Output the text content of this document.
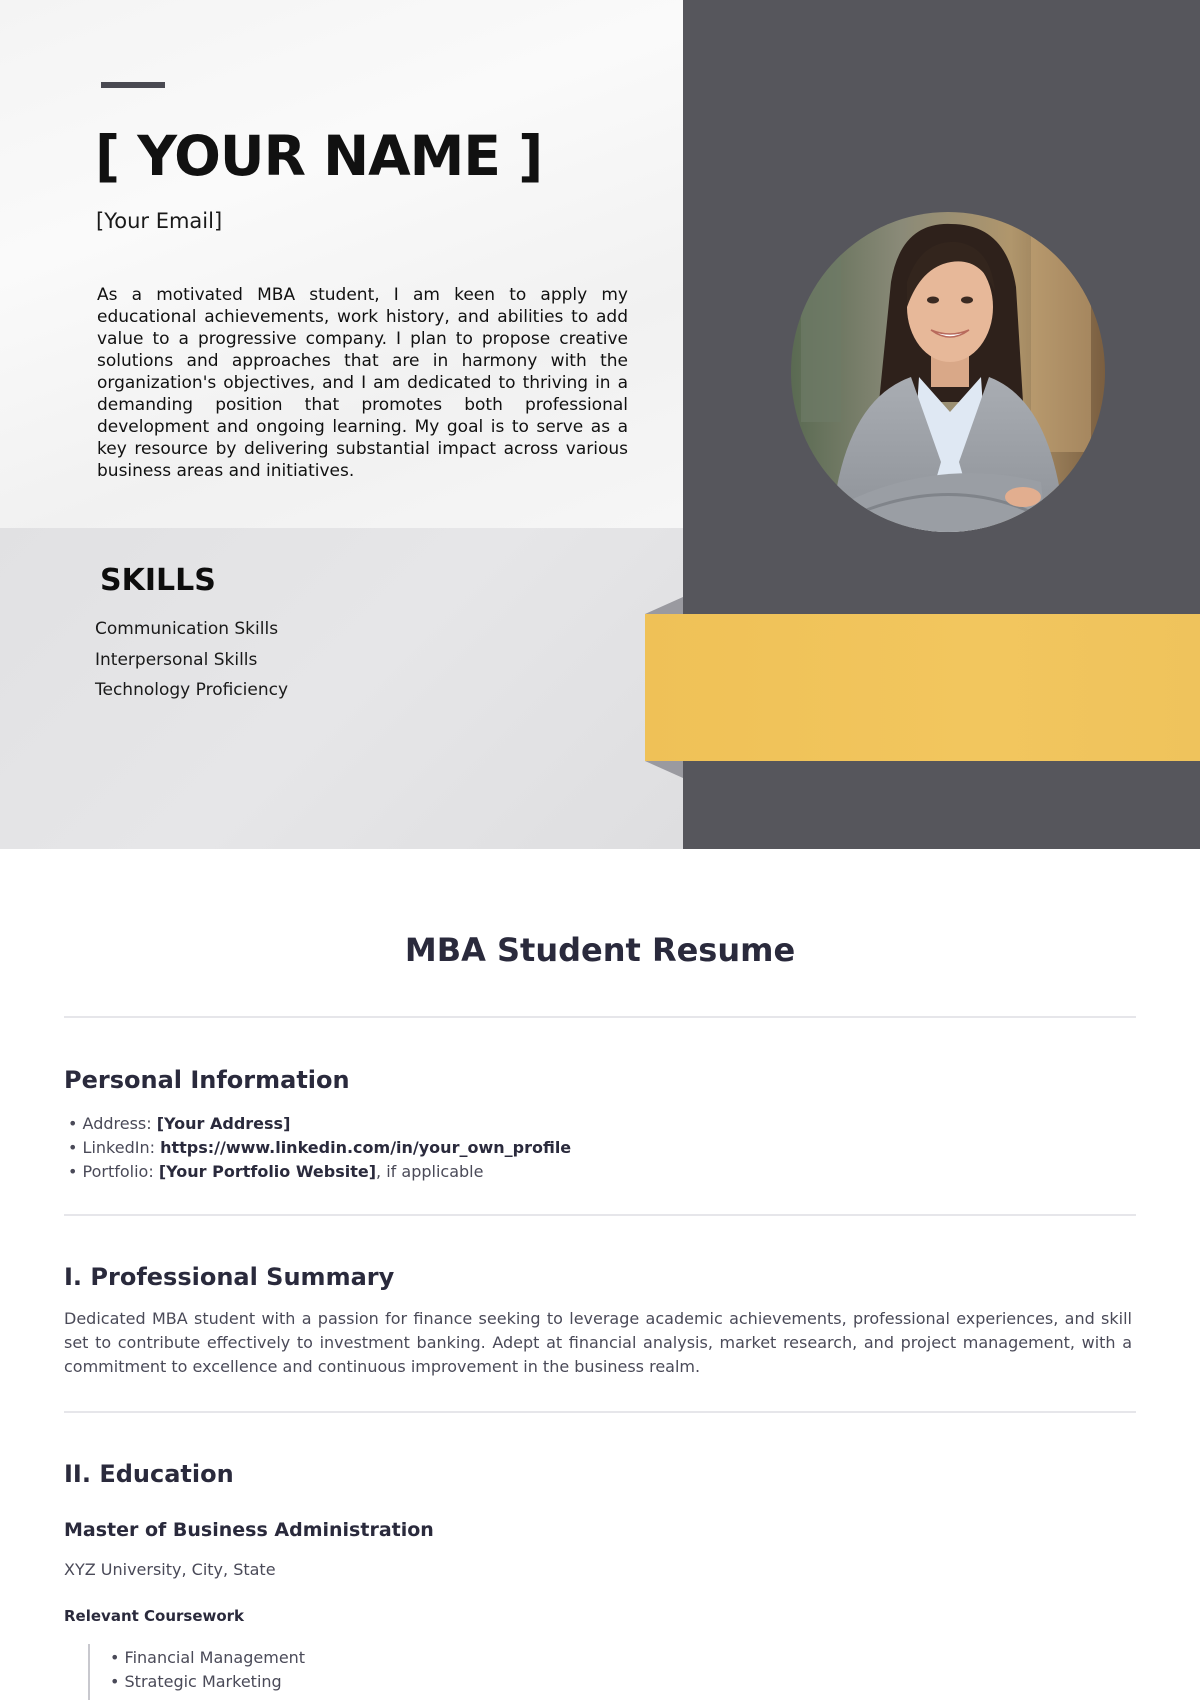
[ YOUR NAME ]
[Your Email]

As a motivated MBA student, I am keen to apply my educational achievements, work history, and abilities to add value to a progressive company. I plan to propose creative solutions and approaches that are in harmony with the organization's objectives, and I am dedicated to thriving in a demanding position that promotes both professional development and ongoing learning. My goal is to serve as a key resource by delivering substantial impact across various business areas and initiatives.

SKILLS
Communication Skills
Interpersonal Skills
Technology Proficiency
MBA Student Resume
Personal Information
• Address: [Your Address]
• LinkedIn: https://www.linkedin.com/in/your_own_profile
• Portfolio: [Your Portfolio Website], if applicable
I. Professional Summary

Dedicated MBA student with a passion for finance seeking to leverage academic achievements, professional experiences, and skill set to contribute effectively to investment banking. Adept at financial analysis, market research, and project management, with a commitment to excellence and continuous improvement in the business realm.

II. Education
Master of Business Administration
XYZ University, City, State
Relevant Coursework
• Financial Management
• Strategic Marketing
